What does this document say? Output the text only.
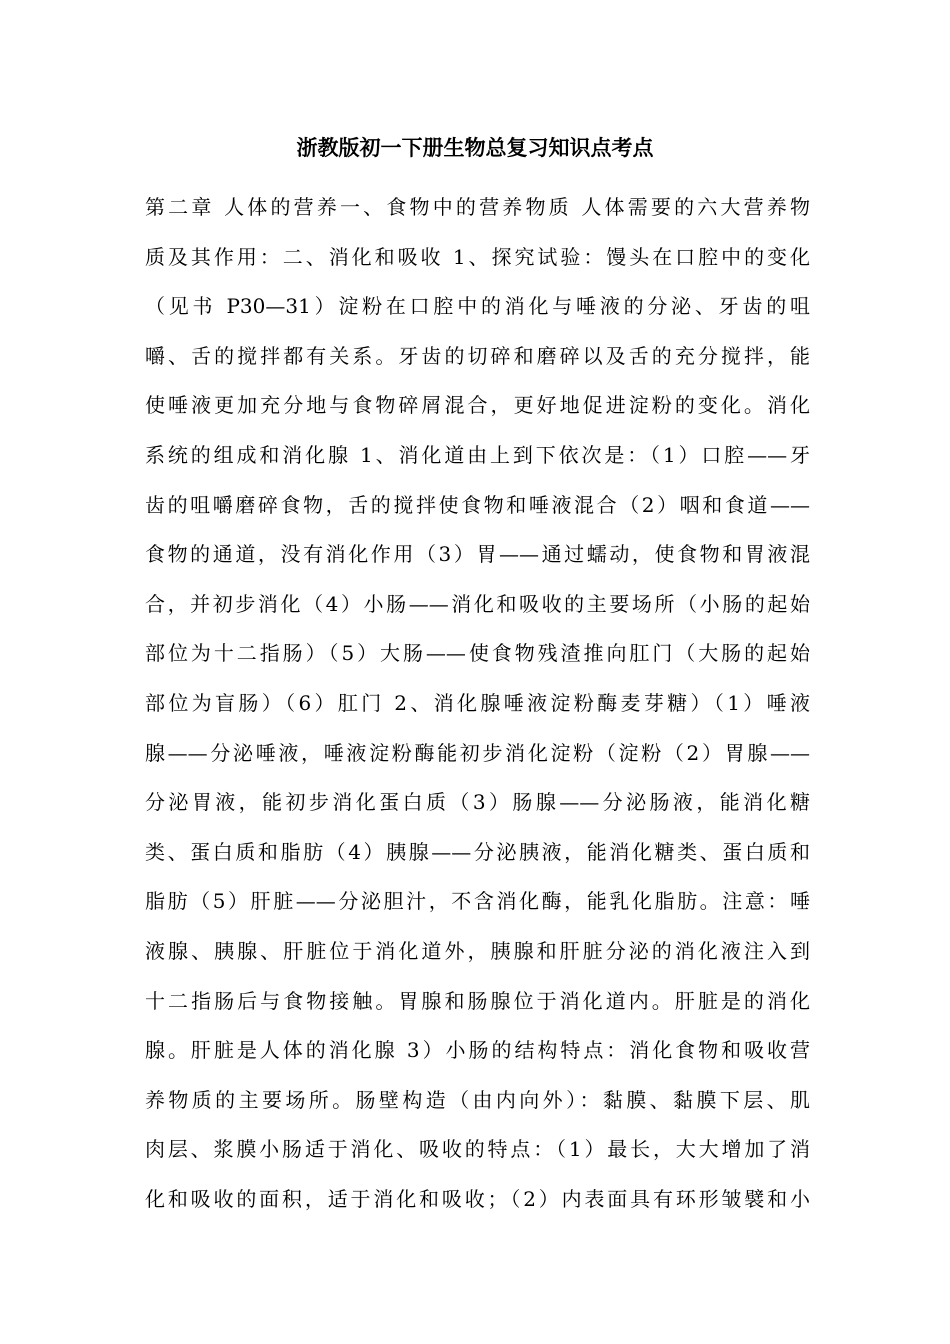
浙教版初一下册生物总复习知识点考点
第二章 人体的营养一、食物中的营养物质 人体需要的六大营养物
质及其作用：二、消化和吸收 1、探究试验：馒头在口腔中的变化
（见书 P30—31）淀粉在口腔中的消化与唾液的分泌、牙齿的咀
嚼、舌的搅拌都有关系。牙齿的切碎和磨碎以及舌的充分搅拌，能
使唾液更加充分地与食物碎屑混合，更好地促进淀粉的变化。消化
系统的组成和消化腺 1、消化道由上到下依次是：（1）口腔——牙
齿的咀嚼磨碎食物，舌的搅拌使食物和唾液混合（2）咽和食道——
食物的通道，没有消化作用（3）胃——通过蠕动，使食物和胃液混
合，并初步消化（4）小肠——消化和吸收的主要场所（小肠的起始
部位为十二指肠）（5）大肠——使食物残渣推向肛门（大肠的起始
部位为盲肠）（6）肛门 2、消化腺唾液淀粉酶麦芽糖）（1）唾液
腺——分泌唾液，唾液淀粉酶能初步消化淀粉（淀粉（2）胃腺——
分泌胃液，能初步消化蛋白质（3）肠腺——分泌肠液，能消化糖
类、蛋白质和脂肪（4）胰腺——分泌胰液，能消化糖类、蛋白质和
脂肪（5）肝脏——分泌胆汁，不含消化酶，能乳化脂肪。注意：唾
液腺、胰腺、肝脏位于消化道外，胰腺和肝脏分泌的消化液注入到
十二指肠后与食物接触。胃腺和肠腺位于消化道内。肝脏是的消化
腺。肝脏是人体的消化腺 3）小肠的结构特点：消化食物和吸收营
养物质的主要场所。肠壁构造（由内向外）：黏膜、黏膜下层、肌
肉层、浆膜小肠适于消化、吸收的特点：（1）最长，大大增加了消
化和吸收的面积，适于消化和吸收；（2）内表面具有环形皱襞和小
